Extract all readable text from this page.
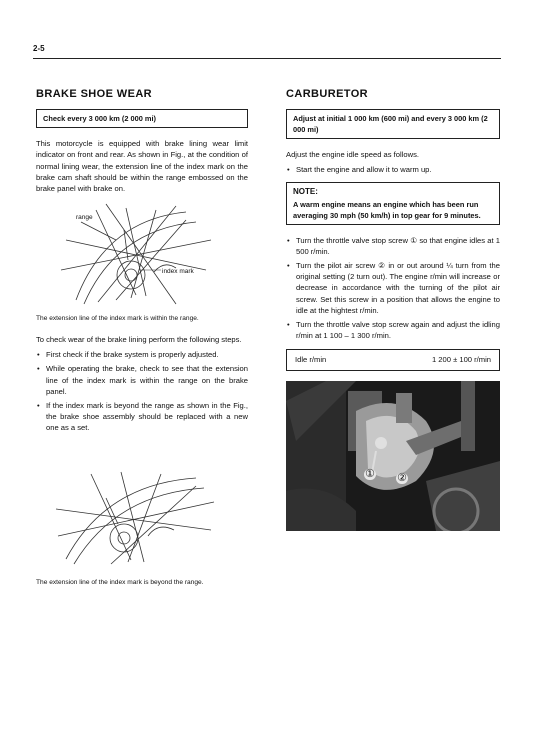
2-5
BRAKE SHOE WEAR
Check every 3 000 km (2 000 mi)

This motorcycle is equipped with brake lining wear limit indicator on front and rear. As shown in Fig., at the condition of normal lining wear, the extension line of the index mark on the brake cam shaft should be within the range embossed on the brake panel with brake on.

range
index mark
The extension line of the index mark is within the range.

To check wear of the brake lining perform the following steps.

• First check if the brake system is properly adjusted.
• While operating the brake, check to see that the extension line of the index mark is within the range on the brake panel.
• If the index mark is beyond the range as shown in the Fig., the brake shoe assembly should be replaced with a new one as a set.
The extension line of the index mark is beyond the range.
CARBURETOR
Adjust at initial 1 000 km (600 mi) and every 3 000 km (2 000 mi)

Adjust the engine idle speed as follows.

• Start the engine and allow it to warm up.
NOTE:
A warm engine means an engine which has been run averaging 30 mph (50 km/h) in top gear for 9 minutes.
• Turn the throttle valve stop screw ① so that engine idles at 1 500 r/min.
• Turn the pilot air screw ② in or out around ¼ turn from the original setting (2 turn out). The engine r/min will increase or decrease in accordance with the turning of the pilot air screw. Set this screw in a position that allows the engine to idle at the hightest r/min.
• Turn the throttle valve stop screw again and adjust the idling r/min at 1 100 – 1 300 r/min.
Idle r/min	1 200 ± 100 r/min
① ②
